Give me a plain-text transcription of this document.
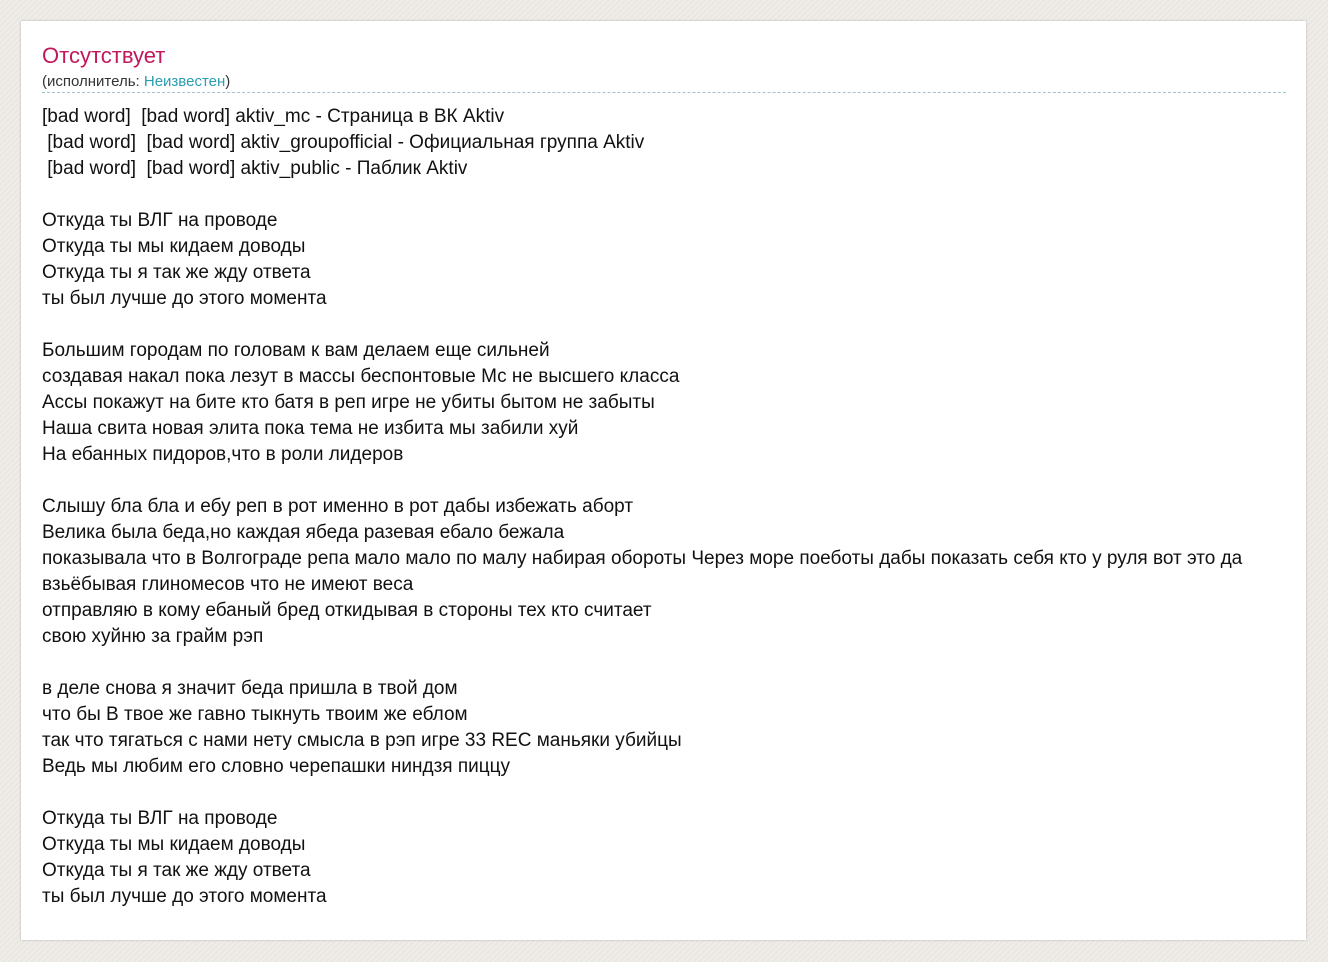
Отсутствует
(исполнитель: Неизвестен)
[bad word]  [bad word] aktiv_mc - Страница в ВК Aktiv
[bad word]  [bad word] aktiv_groupofficial - Официальная группа Aktiv
[bad word]  [bad word] aktiv_public - Паблик Aktiv

Откуда ты ВЛГ на проводе
Откуда ты мы кидаем доводы
Откуда ты я так же жду ответа
ты был лучше до этого момента

Большим городам по головам к вам делаем еще сильней
создавая накал пока лезут в массы беспонтовые Мс не высшего класса
Ассы покажут на бите кто батя в реп игре не убиты бытом не забыты
Наша свита новая элита пока тема не избита мы забили хуй
На ебанных пидоров,что в роли лидеров

Слышу бла бла и ебу реп в рот именно в рот дабы избежать аборт
Велика была беда,но каждая ябеда разевая ебало бежала
показывала что в Волгограде репа мало мало по малу набирая обороты Через море поеботы дабы показать себя кто у руля вот это да
взьёбывая глиномесов что не имеют веса
отправляю в кому ебаный бред откидывая в стороны тех кто считает
свою хуйню за грайм рэп

в деле снова я значит беда пришла в твой дом
что бы В твое же гавно тыкнуть твоим же еблом
так что тягаться с нами нету смысла в рэп игре 33 REC маньяки убийцы
Ведь мы любим его словно черепашки ниндзя пиццу

Откуда ты ВЛГ на проводе
Откуда ты мы кидаем доводы
Откуда ты я так же жду ответа
ты был лучше до этого момента
